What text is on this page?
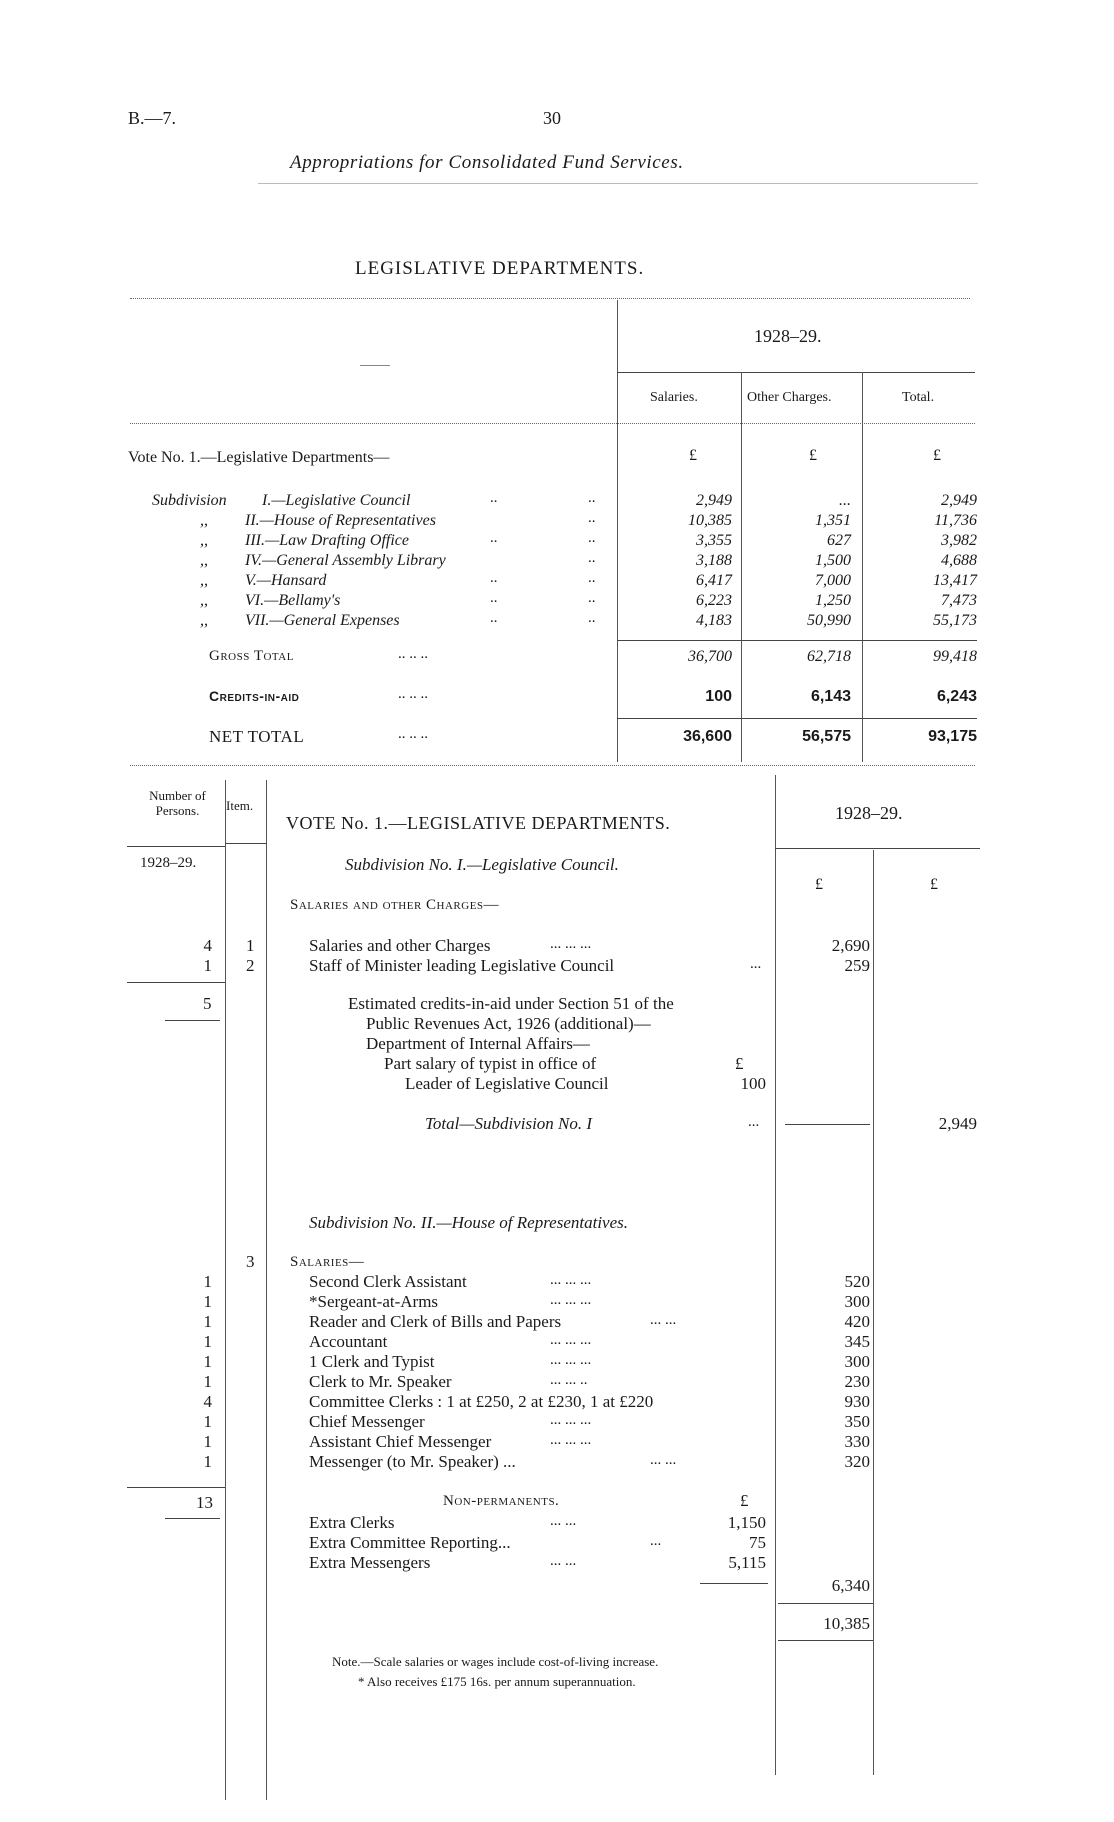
B.—7.	30
Appropriations for Consolidated Fund Services.
LEGISLATIVE DEPARTMENTS.
1928–29.
Salaries.	Other Charges.	Total.
Vote No. 1.—Legislative Departments—	£	£	£
Subdivision I.—Legislative Council	..	..	2,949	...	2,949
,, II.—House of Representatives	..	10,385	1,351	11,736
,, III.—Law Drafting Office	..	..	3,355	627	3,982
,, IV.—General Assembly Library	..	3,188	1,500	4,688
,, V.—Hansard	..	..	6,417	7,000	13,417
,, VI.—Bellamy's	..	..	6,223	1,250	7,473
,, VII.—General Expenses	..	..	4,183	50,990	55,173
Gross Total	.. .. ..	36,700	62,718	99,418
Credits-in-aid	.. .. ..	100	6,143	6,243
NET TOTAL	.. .. ..	36,600	56,575	93,175
Number of Persons.	Item.
VOTE No. 1.—LEGISLATIVE DEPARTMENTS.	1928–29.
1928–29.	Subdivision No. I.—Legislative Council.
£	£
Salaries and other Charges—
4 1	Salaries and other Charges	... ... ...	2,690
1 2	Staff of Minister leading Legislative Council	...	259
5	Estimated credits-in-aid under Section 51 of the
Public Revenues Act, 1926 (additional)—
Department of Internal Affairs—
Part salary of typist in office of
Leader of Legislative Council
£
100
Total—Subdivision No. I	...	2,949
Subdivision No. II.—House of Representatives.
3 Salaries—
1	Second Clerk Assistant	... ... ...	520
1	*Sergeant-at-Arms	... ... ...	300
1	Reader and Clerk of Bills and Papers	... ...	420
1	Accountant	... ... ...	345
1	1 Clerk and Typist	... ... ...	300
1	Clerk to Mr. Speaker	... ... ..	230
4	Committee Clerks : 1 at £250, 2 at £230, 1 at £220	930
1	Chief Messenger	... ... ...	350
1	Assistant Chief Messenger	... ... ...	330
1	Messenger (to Mr. Speaker) ...	... ...	320
13	Non-permanents.	£
Extra Clerks	... ...	1,150
Extra Committee Reporting...	...	75
Extra Messengers	... ...	5,115
6,340
10,385
Note.—Scale salaries or wages include cost-of-living increase.
* Also receives £175 16s. per annum superannuation.
